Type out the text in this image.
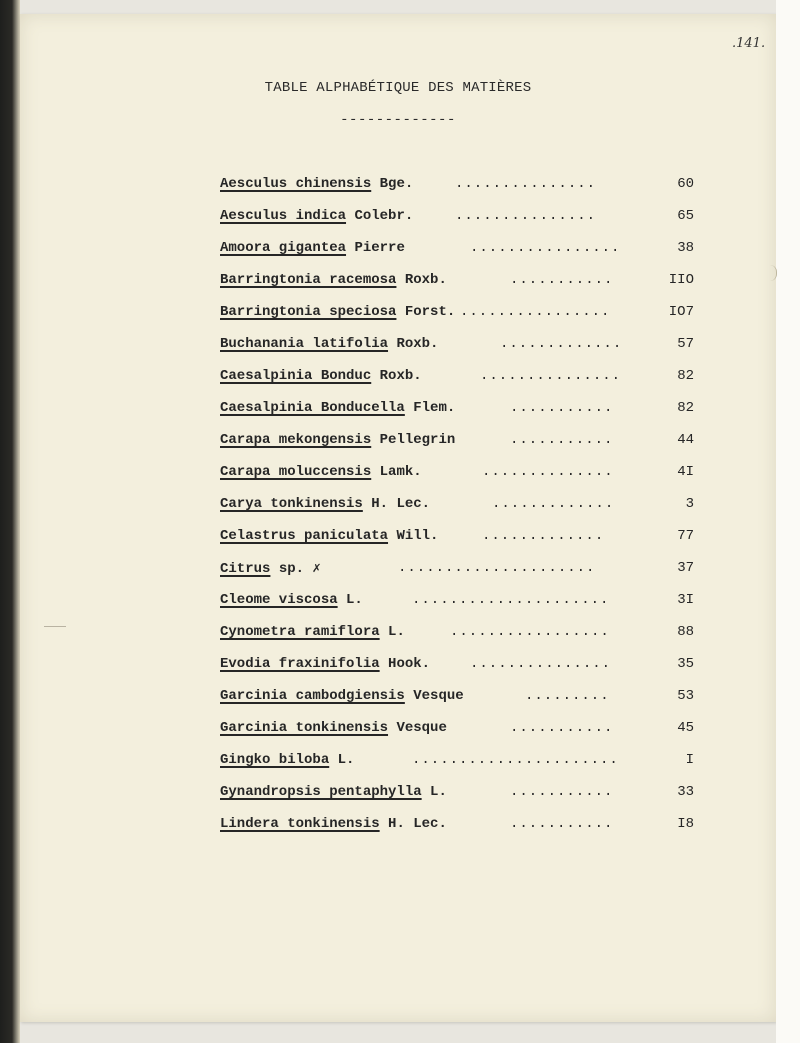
.141.
TABLE ALPHABÉTIQUE DES MATIÈRES
-------------
Aesculus chinensis Bge.	...............	60
Aesculus indica Colebr.	...............	65
Amoora gigantea Pierre	................	38
Barringtonia racemosa Roxb.	...........	IIO
Barringtonia speciosa Forst. ................	IO7
Buchanania latifolia Roxb.	.............	57
Caesalpinia Bonduc Roxb.	...............	82
Caesalpinia Bonducella Flem.	...........	82
Carapa mekongensis Pellegrin	...........	44
Carapa moluccensis Lamk.	..............	4I
Carya tonkinensis H. Lec.	.............	3
Celastrus paniculata Will.	.............	77
Citrus sp. ✗	.....................	37
Cleome viscosa L.	.....................	3I
Cynometra ramiflora L.	.................	88
Evodia fraxinifolia Hook.	...............	35
Garcinia cambodgiensis Vesque	.........	53
Garcinia tonkinensis Vesque	...........	45
Gingko biloba L.	......................	I
Gynandropsis pentaphylla L.	...........	33
Lindera tonkinensis H. Lec.	...........	I8
